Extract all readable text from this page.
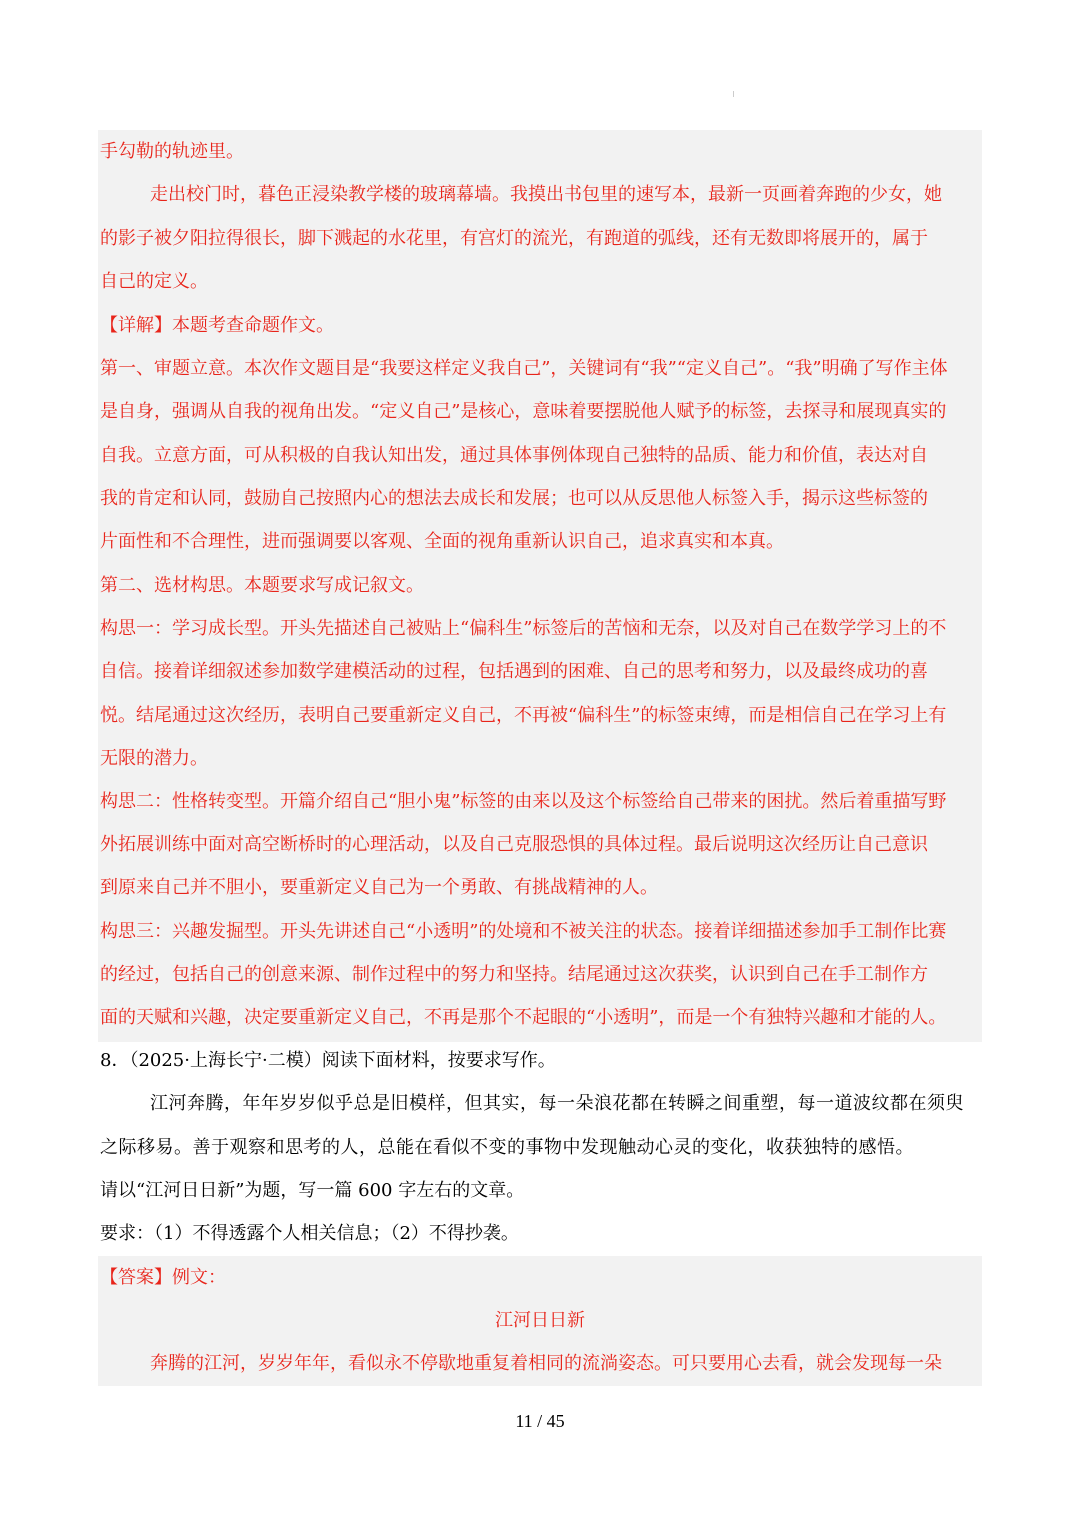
手勾勒的轨迹里。
走出校门时，暮色正浸染教学楼的玻璃幕墙。我摸出书包里的速写本，最新一页画着奔跑的少女，她
的影子被夕阳拉得很长，脚下溅起的水花里，有宫灯的流光，有跑道的弧线，还有无数即将展开的，属于
自己的定义。
【详解】本题考查命题作文。
第一、审题立意。本次作文题目是“我要这样定义我自己”，关键词有“我”“定义自己”。“我”明确了写作主体
是自身，强调从自我的视角出发。“定义自己”是核心，意味着要摆脱他人赋予的标签，去探寻和展现真实的
自我。立意方面，可从积极的自我认知出发，通过具体事例体现自己独特的品质、能力和价值，表达对自
我的肯定和认同，鼓励自己按照内心的想法去成长和发展；也可以从反思他人标签入手，揭示这些标签的
片面性和不合理性，进而强调要以客观、全面的视角重新认识自己，追求真实和本真。
第二、选材构思。本题要求写成记叙文。
构思一：学习成长型。开头先描述自己被贴上“偏科生”标签后的苦恼和无奈，以及对自己在数学学习上的不
自信。接着详细叙述参加数学建模活动的过程，包括遇到的困难、自己的思考和努力，以及最终成功的喜
悦。结尾通过这次经历，表明自己要重新定义自己，不再被“偏科生”的标签束缚，而是相信自己在学习上有
无限的潜力。
构思二：性格转变型。开篇介绍自己“胆小鬼”标签的由来以及这个标签给自己带来的困扰。然后着重描写野
外拓展训练中面对高空断桥时的心理活动，以及自己克服恐惧的具体过程。最后说明这次经历让自己意识
到原来自己并不胆小，要重新定义自己为一个勇敢、有挑战精神的人。
构思三：兴趣发掘型。开头先讲述自己“小透明”的处境和不被关注的状态。接着详细描述参加手工制作比赛
的经过，包括自己的创意来源、制作过程中的努力和坚持。结尾通过这次获奖，认识到自己在手工制作方
面的天赋和兴趣，决定要重新定义自己，不再是那个不起眼的“小透明”，而是一个有独特兴趣和才能的人。
8．（2025·上海长宁·二模）阅读下面材料，按要求写作。
江河奔腾，年年岁岁似乎总是旧模样，但其实，每一朵浪花都在转瞬之间重塑，每一道波纹都在须臾
之际移易。善于观察和思考的人，总能在看似不变的事物中发现触动心灵的变化，收获独特的感悟。
请以“江河日日新”为题，写一篇 600 字左右的文章。
要求：（1）不得透露个人相关信息；（2）不得抄袭。
【答案】例文：
江河日日新
奔腾的江河，岁岁年年，看似永不停歇地重复着相同的流淌姿态。可只要用心去看，就会发现每一朵
11 / 45
